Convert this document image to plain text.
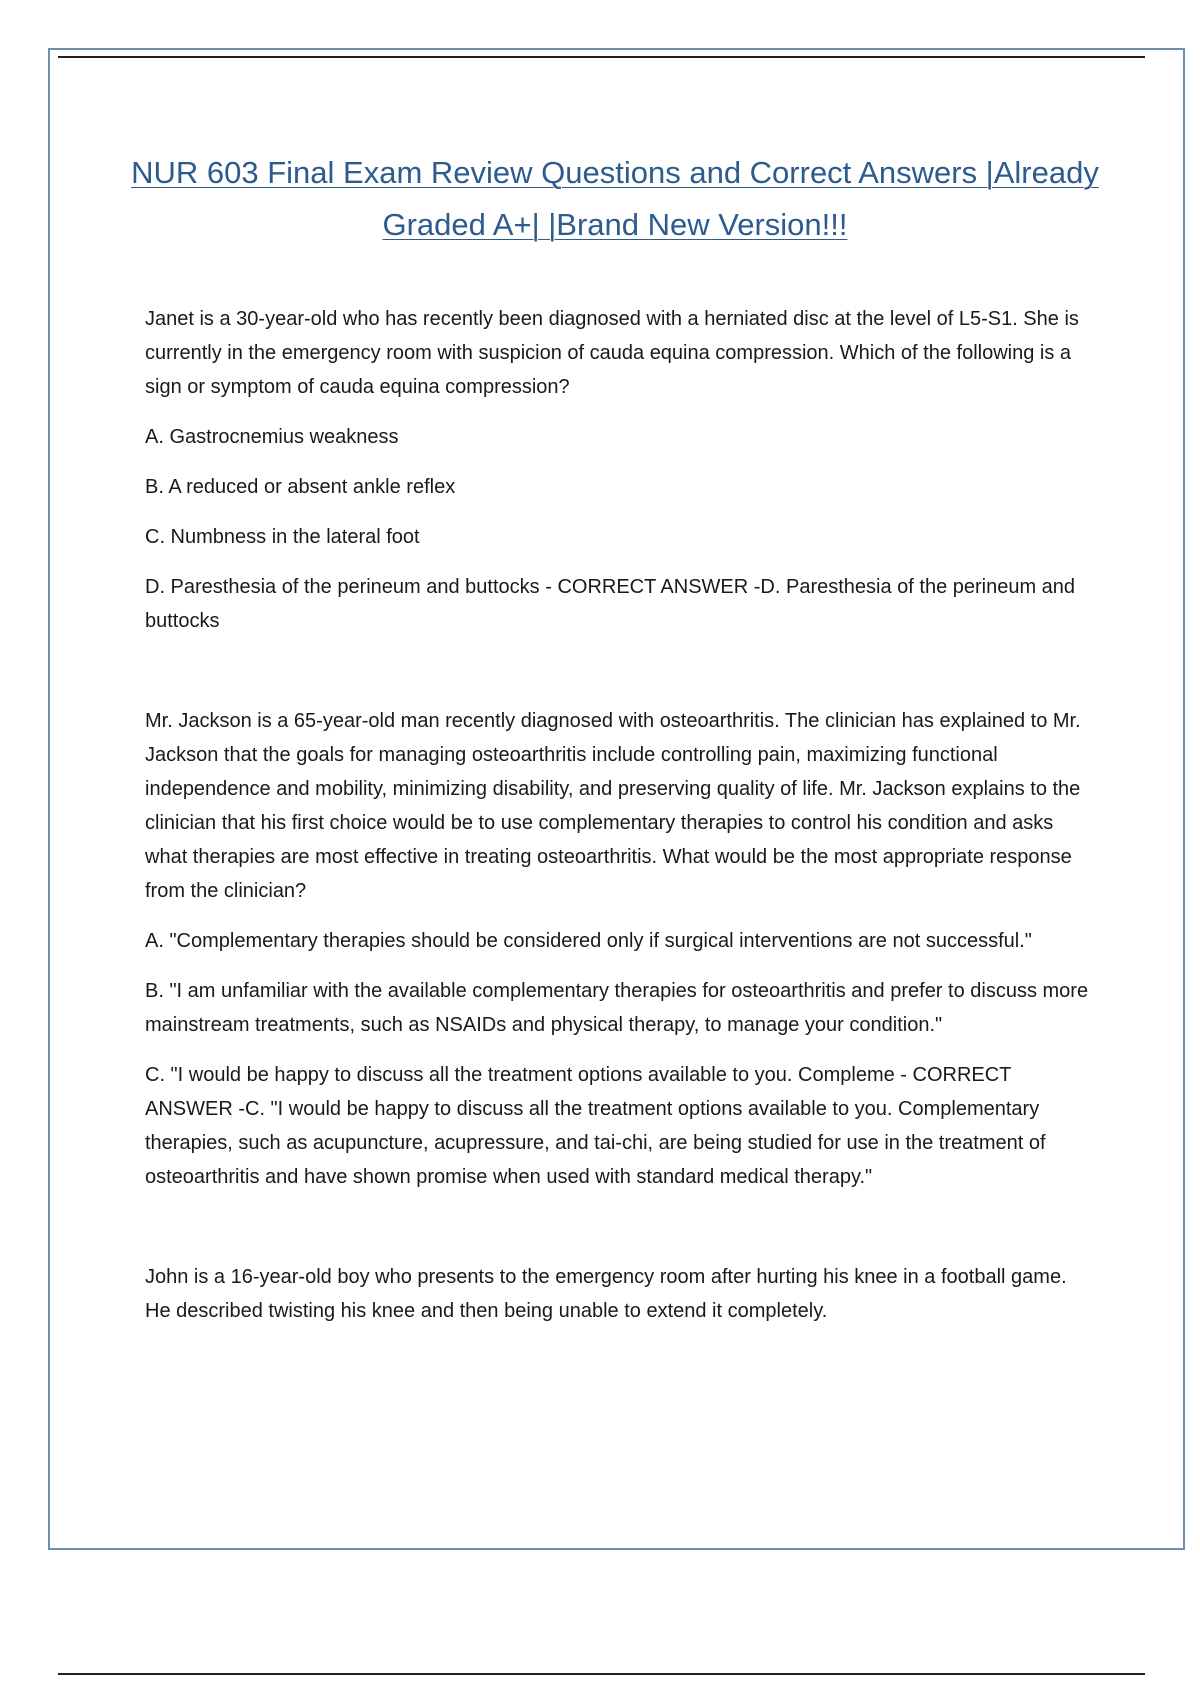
NUR 603 Final Exam Review Questions and Correct Answers |Already Graded A+| |Brand New Version!!!

Janet is a 30-year-old who has recently been diagnosed with a herniated disc at the level of L5-S1. She is currently in the emergency room with suspicion of cauda equina compression. Which of the following is a sign or symptom of cauda equina compression?

A. Gastrocnemius weakness

B. A reduced or absent ankle reflex

C. Numbness in the lateral foot

D. Paresthesia of the perineum and buttocks - CORRECT ANSWER -D. Paresthesia of the perineum and buttocks

Mr. Jackson is a 65-year-old man recently diagnosed with osteoarthritis. The clinician has explained to Mr. Jackson that the goals for managing osteoarthritis include controlling pain, maximizing functional independence and mobility, minimizing disability, and preserving quality of life. Mr. Jackson explains to the clinician that his first choice would be to use complementary therapies to control his condition and asks what therapies are most effective in treating osteoarthritis. What would be the most appropriate response from the clinician?

A. "Complementary therapies should be considered only if surgical interventions are not successful."

B. "I am unfamiliar with the available complementary therapies for osteoarthritis and prefer to discuss more mainstream treatments, such as NSAIDs and physical therapy, to manage your condition."

C. "I would be happy to discuss all the treatment options available to you. Compleme - CORRECT ANSWER -C. "I would be happy to discuss all the treatment options available to you. Complementary therapies, such as acupuncture, acupressure, and tai-chi, are being studied for use in the treatment of osteoarthritis and have shown promise when used with standard medical therapy."

John is a 16-year-old boy who presents to the emergency room after hurting his knee in a football game. He described twisting his knee and then being unable to extend it completely.
